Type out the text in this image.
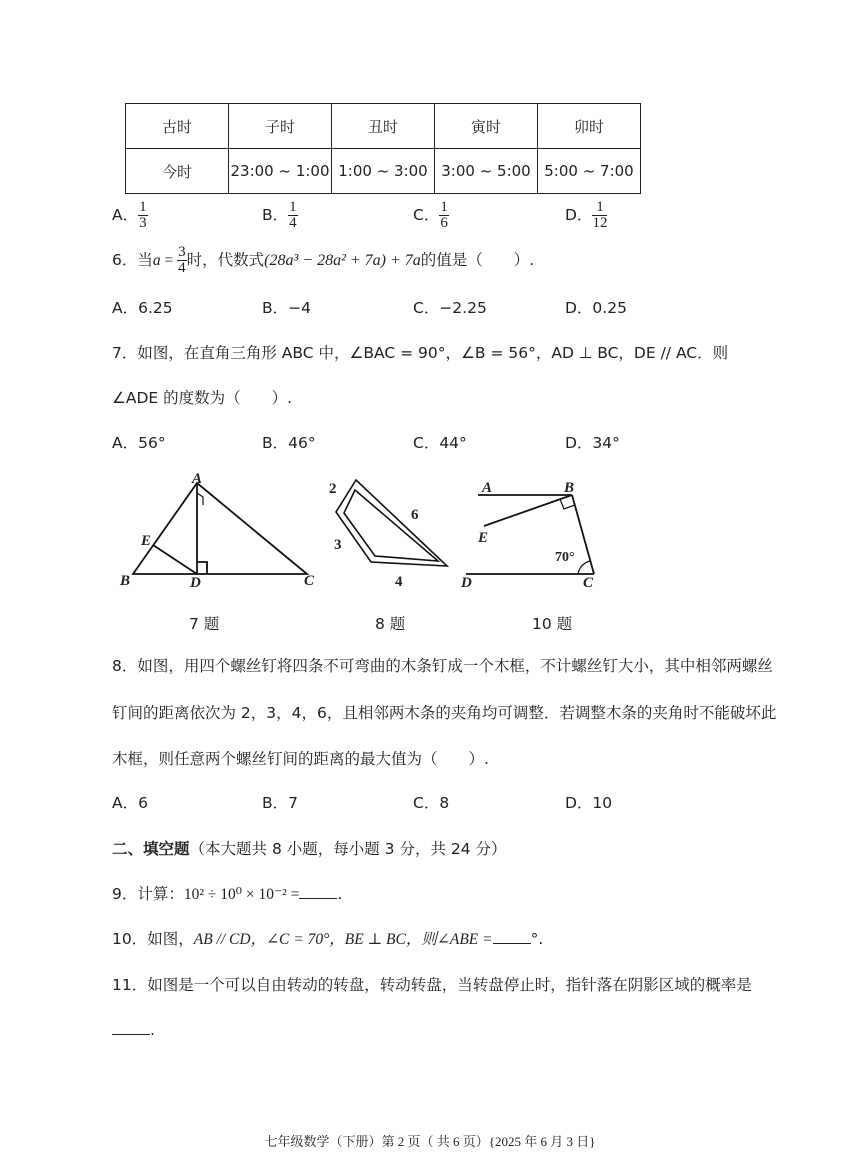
古时	子时	丑时	寅时	卯时
今时	23:00 ~ 1:00	1:00 ~ 3:00	3:00 ~ 5:00	5:00 ~ 7:00
A． $\frac{1}{3}$	B． $\frac{1}{4}$	C． $\frac{1}{6}$	D． $\frac{1}{12}$
6．当$a = \frac{3}{4}$ 时，代数式(28a³ − 28a² + 7a) + 7a的值是（　　）.
A．6.25	B．−4	C．−2.25	D．0.25
7．如图，在直角三角形 ABC 中，∠BAC = 90°，∠B = 56°，AD ⊥ BC，DE // AC．则
∠ADE 的度数为（　　）.
A．56°	B．46°	C．44°	D．34°
A
B	C
D
E
2
3
4
6
A	B
C
D
E
70°
7 题	8 题	10 题
8．如图，用四个螺丝钉将四条不可弯曲的木条钉成一个木框，不计螺丝钉大小，其中相邻两螺丝
钉间的距离依次为 2，3，4，6，且相邻两木条的夹角均可调整．若调整木条的夹角时不能破坏此
木框，则任意两个螺丝钉间的距离的最大值为（　　）.
A．6	B．7	C．8	D．10
二、填空题（本大题共 8 小题，每小题 3 分，共 24 分）
9．计算：10² ÷ 10⁰ × 10⁻² = .
10．如图，AB // CD，∠C = 70°，BE ⊥ BC，则∠ABE = °.
11．如图是一个可以自由转动的转盘，转动转盘，当转盘停止时，指针落在阴影区域的概率是
.
七年级数学（下册）第 2 页（ 共 6 页）{2025 年 6 月 3 日}
